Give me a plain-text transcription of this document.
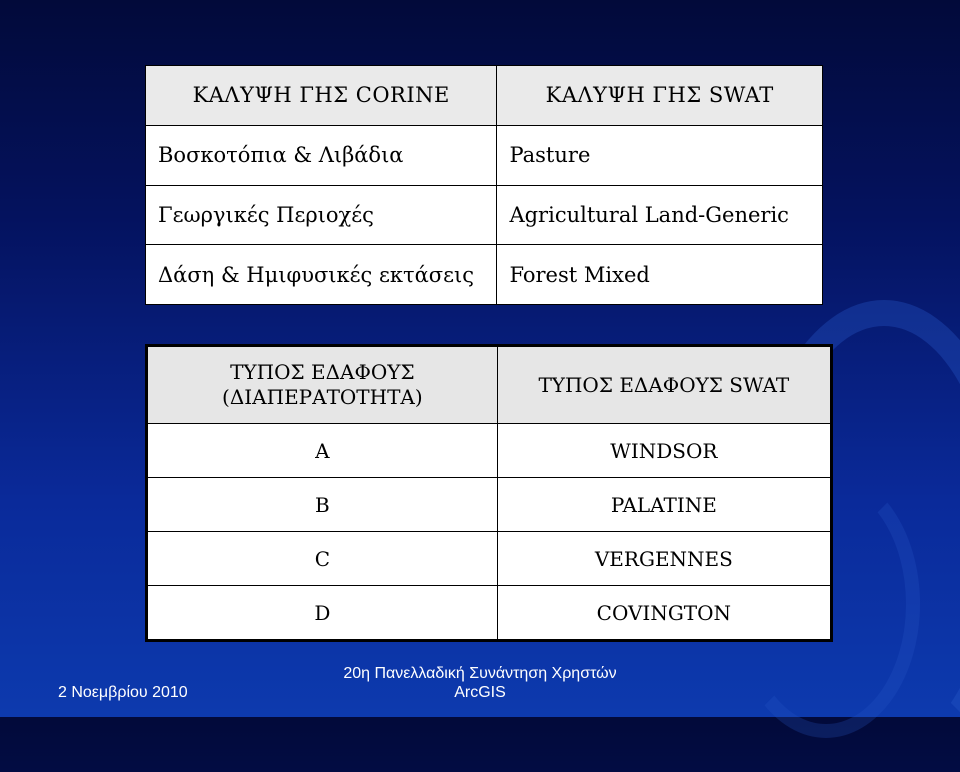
ΚΑΛΥΨΗ ΓΗΣ CORINE	ΚΑΛΥΨΗ ΓΗΣ SWAT
Βοσκοτόπια & Λιβάδια	Pasture
Γεωργικές Περιοχές	Agricultural Land-Generic
Δάση & Ημιφυσικές εκτάσεις	Forest Mixed
ΤΥΠΟΣ ΕΔΑΦΟΥΣ
(ΔΙΑΠΕΡΑΤΟΤΗΤΑ)	ΤΥΠΟΣ ΕΔΑΦΟΥΣ SWAT
A	WINDSOR
B	PALATINE
C	VERGENNES
D	COVINGTON
2 Νοεμβρίου 2010
20η Πανελλαδική Συνάντηση Χρηστών
ArcGIS
